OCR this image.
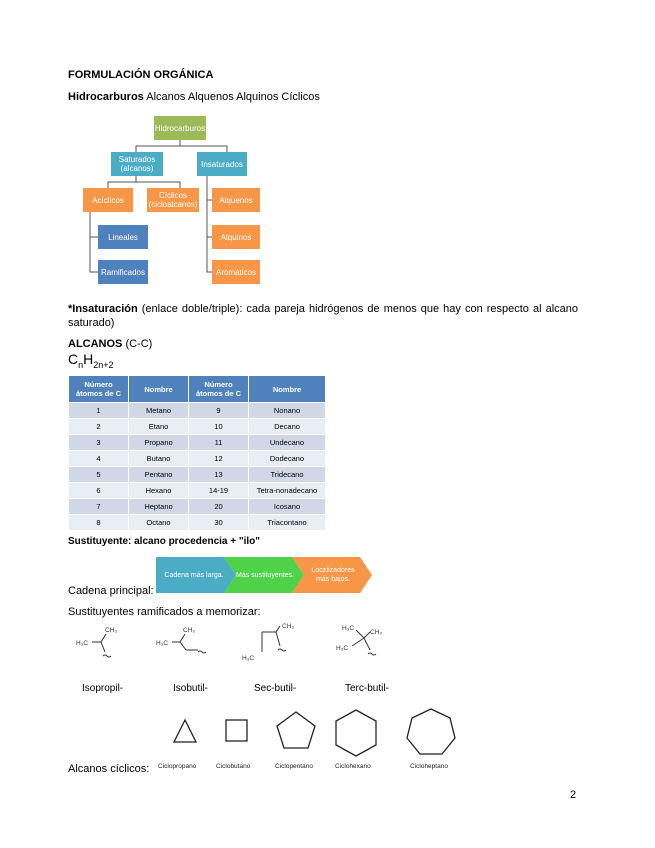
FORMULACIÓN ORGÁNICA
Hidrocarburos Alcanos Alquenos Alquinos Cíclicos
Hidrocarburos
Saturados (alcanos)	Insaturados
Acíclicos	Cíclicos (cicloalcanos)
Lineales
Ramificados
Alquenos
Alquinos
Aromáticos
*Insaturación (enlace doble/triple): cada pareja hidrógenos de menos que hay con respecto al alcano saturado)
ALCANOS (C-C)
$C_nH_{2n+2}$
Número átomos de C	Nombre	Número átomos de C	Nombre
1	Metano	9	Nonano
2	Etano	10	Decano
3	Propano	11	Undecano
4	Butano	12	Dodecano
5	Pentano	13	Tridecano
6	Hexano	14-19	Tetra-nonadecano
7	Heptano	20	Icosano
8	Octano	30	Triacontano
Sustituyente: alcano procedencia + "ilo"
Cadena principal:
Cadena más larga.	Más sustituyentes.
Localizadores más bajos.
Sustituyentes ramificados a memorizar:
H₃C
CH₃
H₃C
CH₃
CH₃
H₃C
H₃C
CH₃
H₃C
Isopropil-	Isobutil-	Sec-butil-	Terc-butil-
Alcanos cíclicos: Ciclopropano	Ciclobutano	Ciclopentano	Ciclohexano	Cicloheptano
2
